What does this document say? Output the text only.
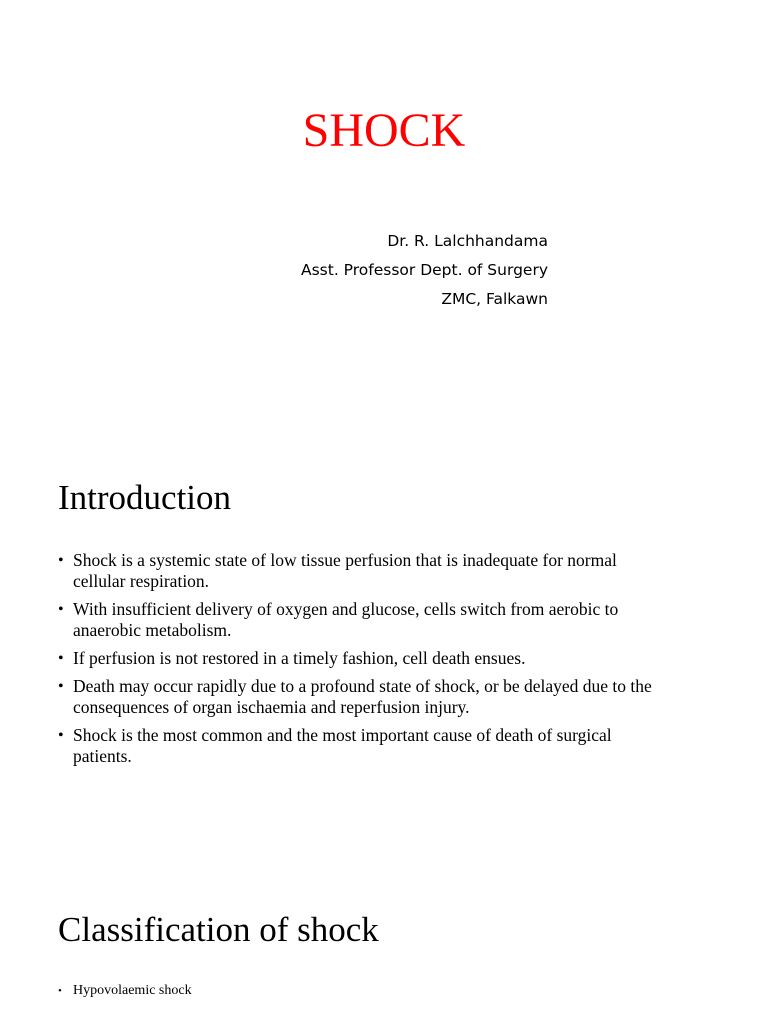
SHOCK
Dr. R. Lalchhandama
Asst. Professor Dept. of Surgery
ZMC, Falkawn
Introduction
• Shock is a systemic state of low tissue perfusion that is inadequate for normal cellular respiration.
• With insufficient delivery of oxygen and glucose, cells switch from aerobic to anaerobic metabolism.
• If perfusion is not restored in a timely fashion, cell death ensues.
• Death may occur rapidly due to a profound state of shock, or be delayed due to the consequences of organ ischaemia and reperfusion injury.
• Shock is the most common and the most important cause of death of surgical patients.
Classification of shock
• Hypovolaemic shock
